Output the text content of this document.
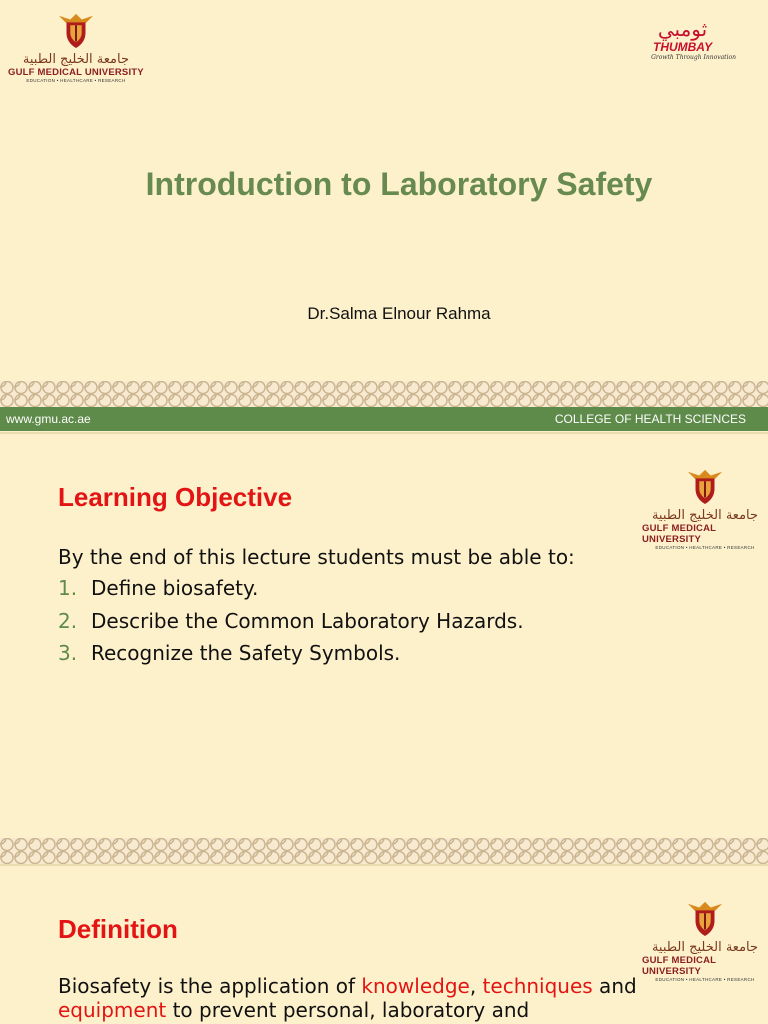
جامعة الخليج الطبية
GULF MEDICAL UNIVERSITY
EDUCATION • HEALTHCARE • RESEARCH
ثومبي
THUMBAY
Growth Through Innovation
Introduction to Laboratory Safety
Dr.Salma Elnour Rahma
www.gmu.ac.ae	COLLEGE OF HEALTH SCIENCES
Learning Objective
جامعة الخليج الطبية
GULF MEDICAL UNIVERSITY
EDUCATION • HEALTHCARE • RESEARCH
By the end of this lecture students must be able to:
1. Define biosafety.
2. Describe the Common Laboratory Hazards.
3. Recognize the Safety Symbols.
Definition
جامعة الخليج الطبية
GULF MEDICAL UNIVERSITY
EDUCATION • HEALTHCARE • RESEARCH
Biosafety is the application of knowledge, techniques and
equipment to prevent personal, laboratory and
